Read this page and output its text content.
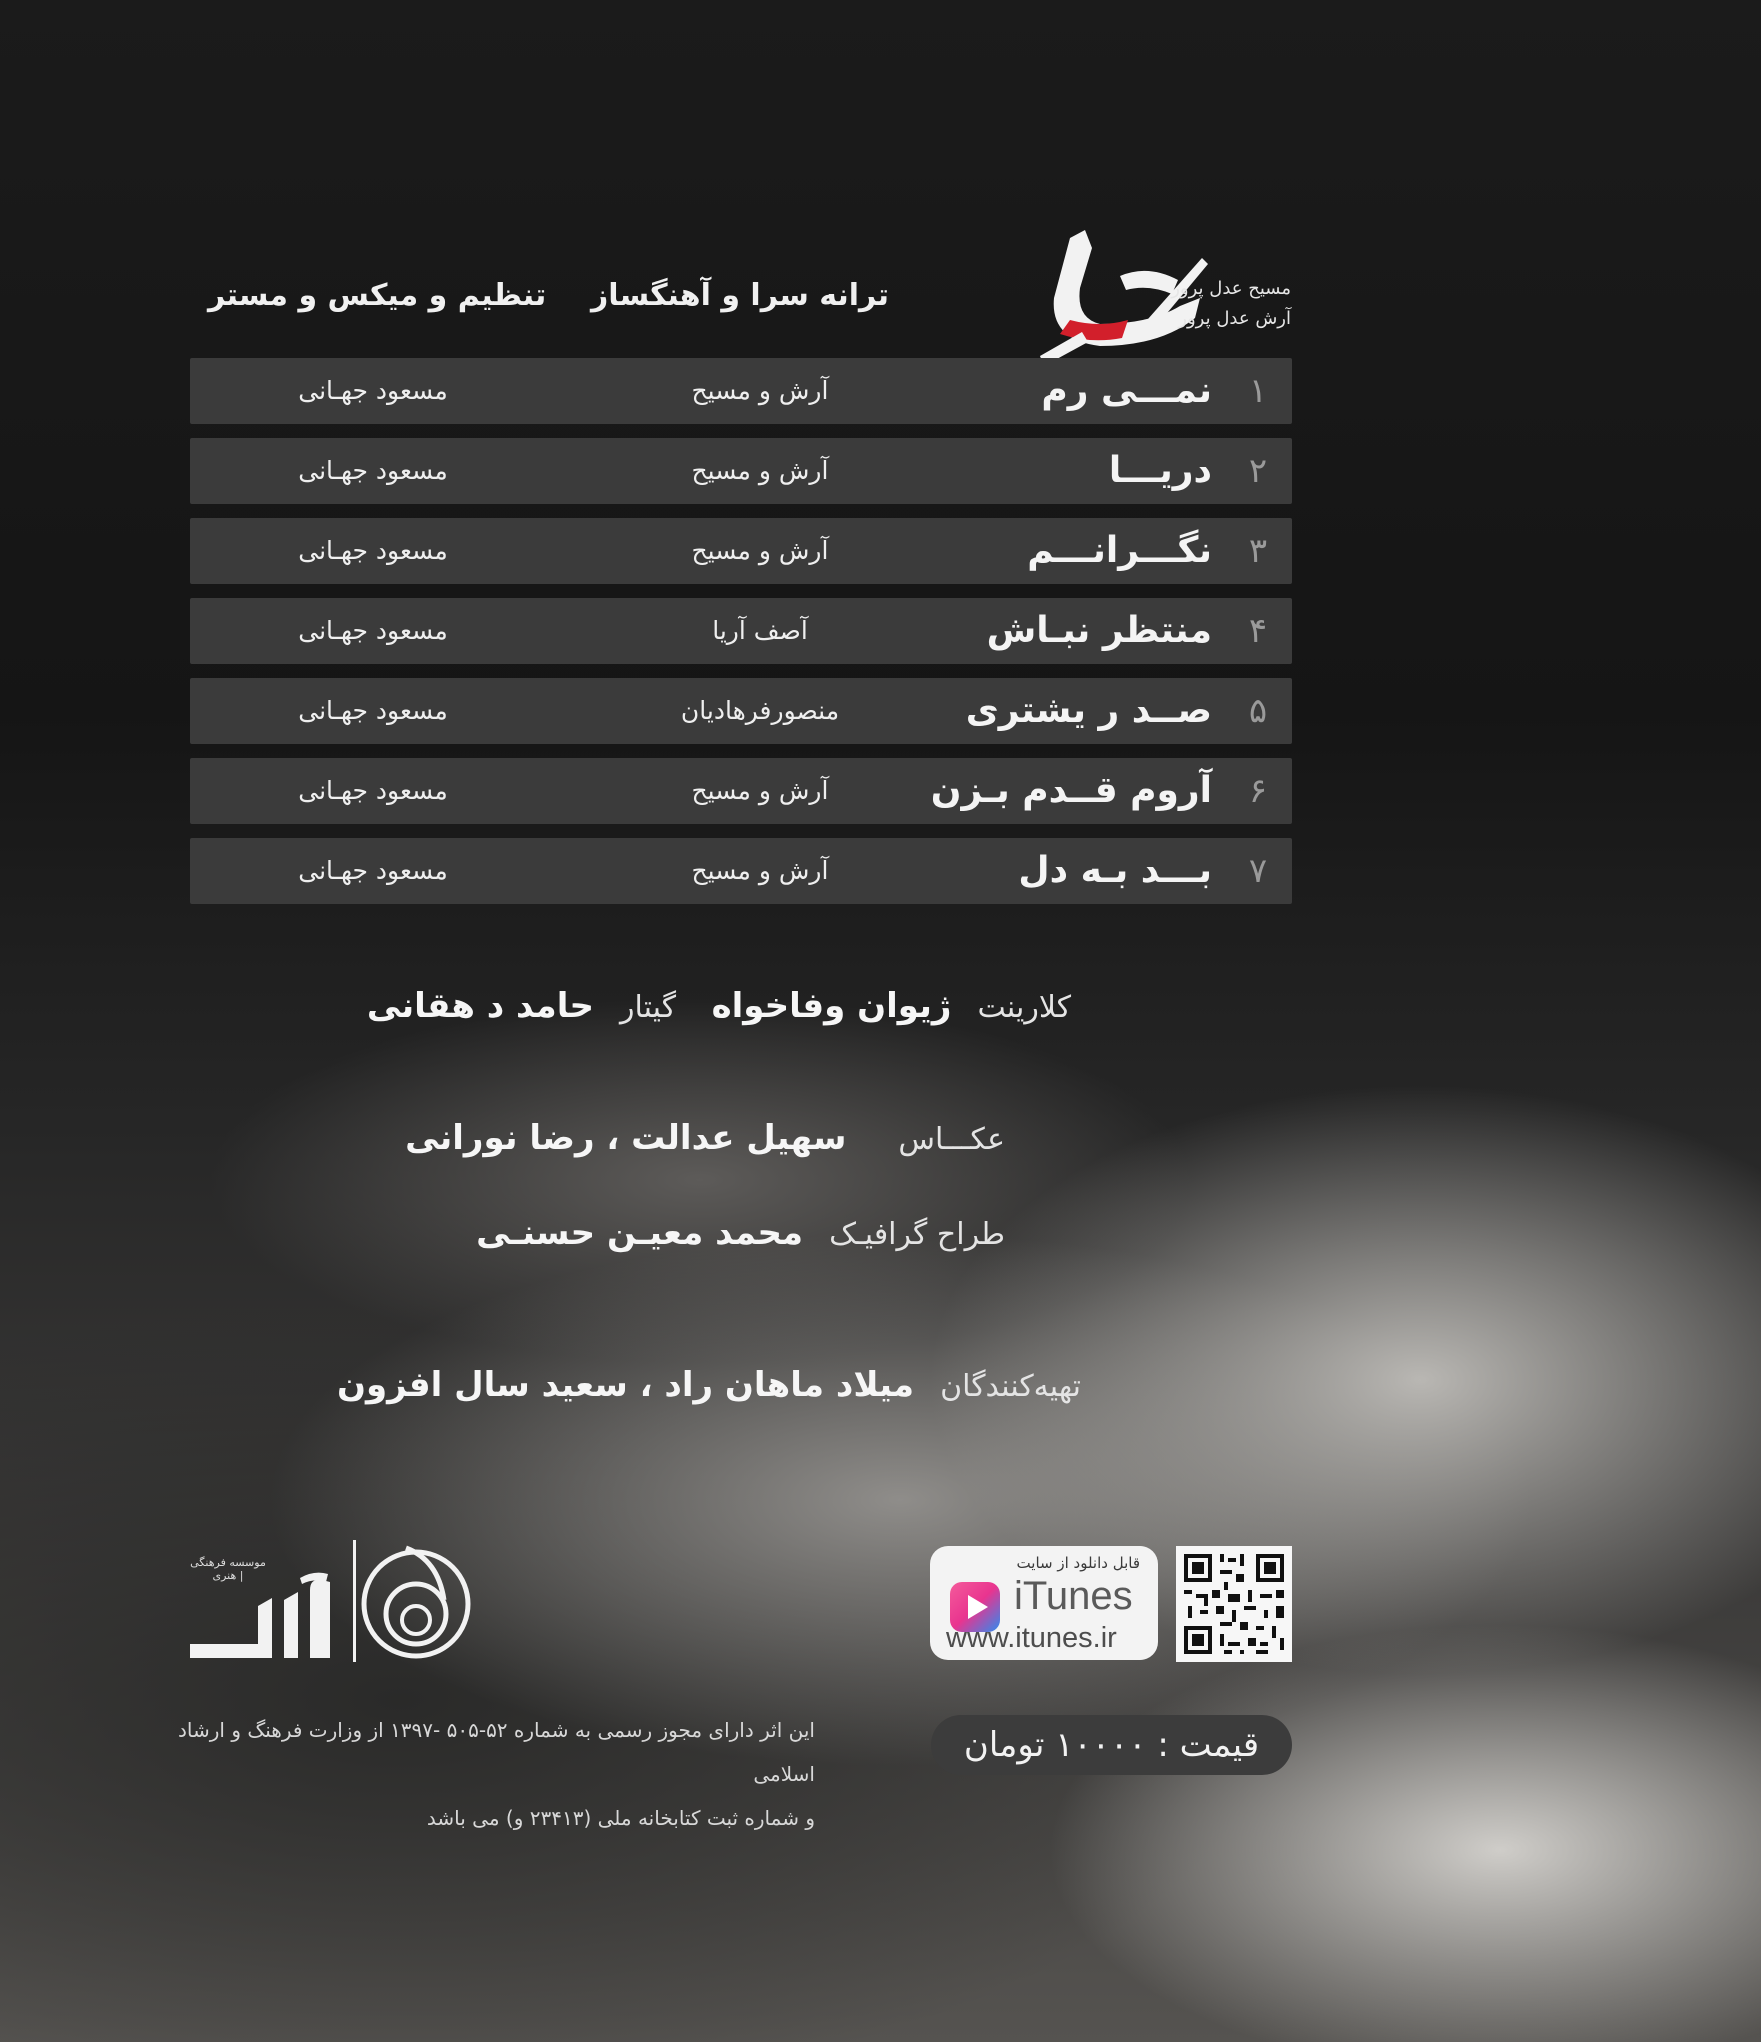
مسیح عدل پرور
آرش عدل پرور
ترانه سرا و آهنگساز
تنظیم و میکس و مستر
۱
نمـــی رم
آرش و مسیح
مسعود جهـانی
۲
دریـــا
آرش و مسیح
مسعود جهـانی
۳
نگـــرانـــم
آرش و مسیح
مسعود جهـانی
۴
منتظر نبـاش
آصف آریا
مسعود جهـانی
۵
صــد ر یشتری
منصورفرهادیان
مسعود جهـانی
۶
آروم قــدم بـزن
آرش و مسیح
مسعود جهـانی
۷
بـــد بـه دل
آرش و مسیح
مسعود جهـانی
کلارینتژیوان وفاخواه
گیتارحامد د هقانی
عکـــاسسهیل عدالت ، رضا نورانی
طراح گرافیـکمحمد معیـن حسنـی
تهیه‌کنندگانمیلاد ماهان راد ، سعید سال افزون
موسسه فرهنگی | هنری
این اثر دارای مجوز رسمی به شماره ۵۲-۵۰۵ -۱۳۹۷ از وزارت فرهنگ و ارشاد اسلامی
و شماره ثبت کتابخانه ملی (۲۳۴۱۳ و) می باشد
قابل دانلود از سایت
iTunes
www.itunes.ir
قیمت : ۱۰۰۰۰ تومان
